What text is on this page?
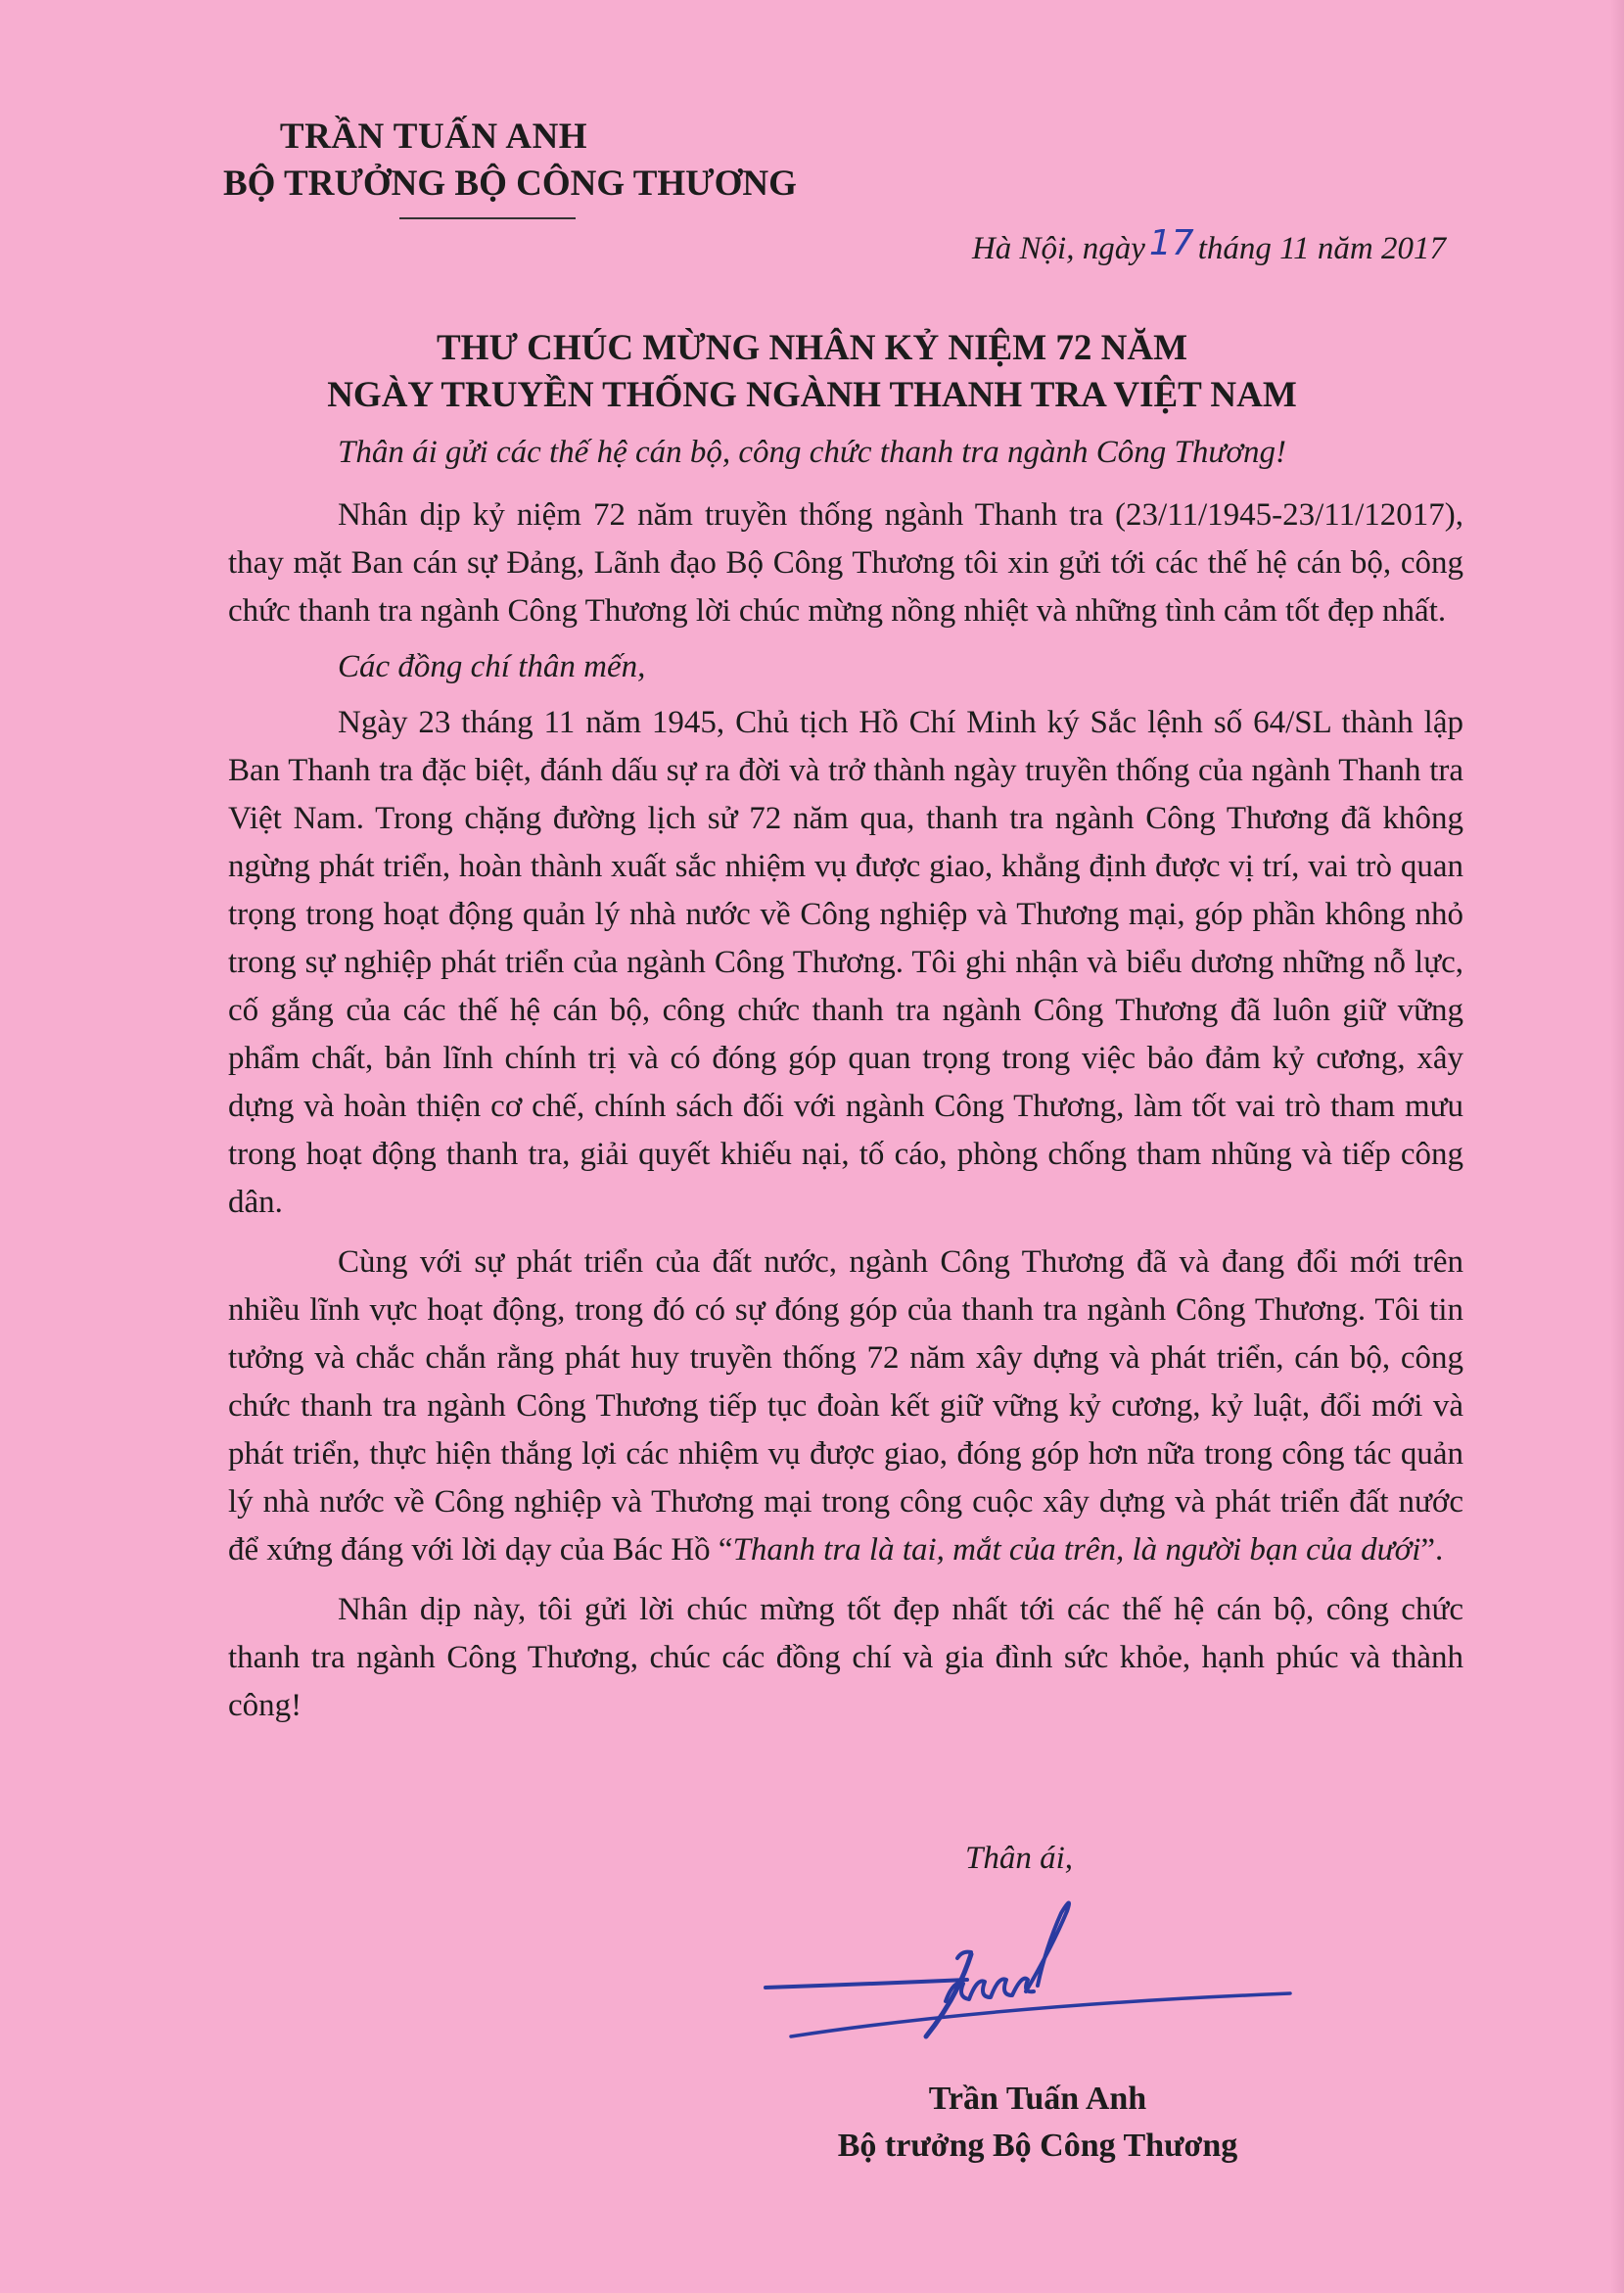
TRẦN TUẤN ANH

BỘ TRƯỞNG BỘ CÔNG THƯƠNG

Hà Nội, ngày 17 tháng 11 năm 2017

THƯ CHÚC MỪNG NHÂN KỶ NIỆM 72 NĂM

NGÀY TRUYỀN THỐNG NGÀNH THANH TRA VIỆT NAM

Thân ái gửi các thế hệ cán bộ, công chức thanh tra ngành Công Thương!

Nhân dịp kỷ niệm 72 năm truyền thống ngành Thanh tra (23/11/1945-23/11/12017), thay mặt Ban cán sự Đảng, Lãnh đạo Bộ Công Thương tôi xin gửi tới các thế hệ cán bộ, công chức thanh tra ngành Công Thương lời chúc mừng nồng nhiệt và những tình cảm tốt đẹp nhất.

Các đồng chí thân mến,

Ngày 23 tháng 11 năm 1945, Chủ tịch Hồ Chí Minh ký Sắc lệnh số 64/SL thành lập Ban Thanh tra đặc biệt, đánh dấu sự ra đời và trở thành ngày truyền thống của ngành Thanh tra Việt Nam. Trong chặng đường lịch sử 72 năm qua, thanh tra ngành Công Thương đã không ngừng phát triển, hoàn thành xuất sắc nhiệm vụ được giao, khẳng định được vị trí, vai trò quan trọng trong hoạt động quản lý nhà nước về Công nghiệp và Thương mại, góp phần không nhỏ trong sự nghiệp phát triển của ngành Công Thương. Tôi ghi nhận và biểu dương những nỗ lực, cố gắng của các thế hệ cán bộ, công chức thanh tra ngành Công Thương đã luôn giữ vững phẩm chất, bản lĩnh chính trị và có đóng góp quan trọng trong việc bảo đảm kỷ cương, xây dựng và hoàn thiện cơ chế, chính sách đối với ngành Công Thương, làm tốt vai trò tham mưu trong hoạt động thanh tra, giải quyết khiếu nại, tố cáo, phòng chống tham nhũng và tiếp công dân.

Cùng với sự phát triển của đất nước, ngành Công Thương đã và đang đổi mới trên nhiều lĩnh vực hoạt động, trong đó có sự đóng góp của thanh tra ngành Công Thương. Tôi tin tưởng và chắc chắn rằng phát huy truyền thống 72 năm xây dựng và phát triển, cán bộ, công chức thanh tra ngành Công Thương tiếp tục đoàn kết giữ vững kỷ cương, kỷ luật, đổi mới và phát triển, thực hiện thắng lợi các nhiệm vụ được giao, đóng góp hơn nữa trong công tác quản lý nhà nước về Công nghiệp và Thương mại trong công cuộc xây dựng và phát triển đất nước để xứng đáng với lời dạy của Bác Hồ “Thanh tra là tai, mắt của trên, là người bạn của dưới”.

Nhân dịp này, tôi gửi lời chúc mừng tốt đẹp nhất tới các thế hệ cán bộ, công chức thanh tra ngành Công Thương, chúc các đồng chí và gia đình sức khỏe, hạnh phúc và thành công!

Thân ái,

Trần Tuấn Anh

Bộ trưởng Bộ Công Thương
